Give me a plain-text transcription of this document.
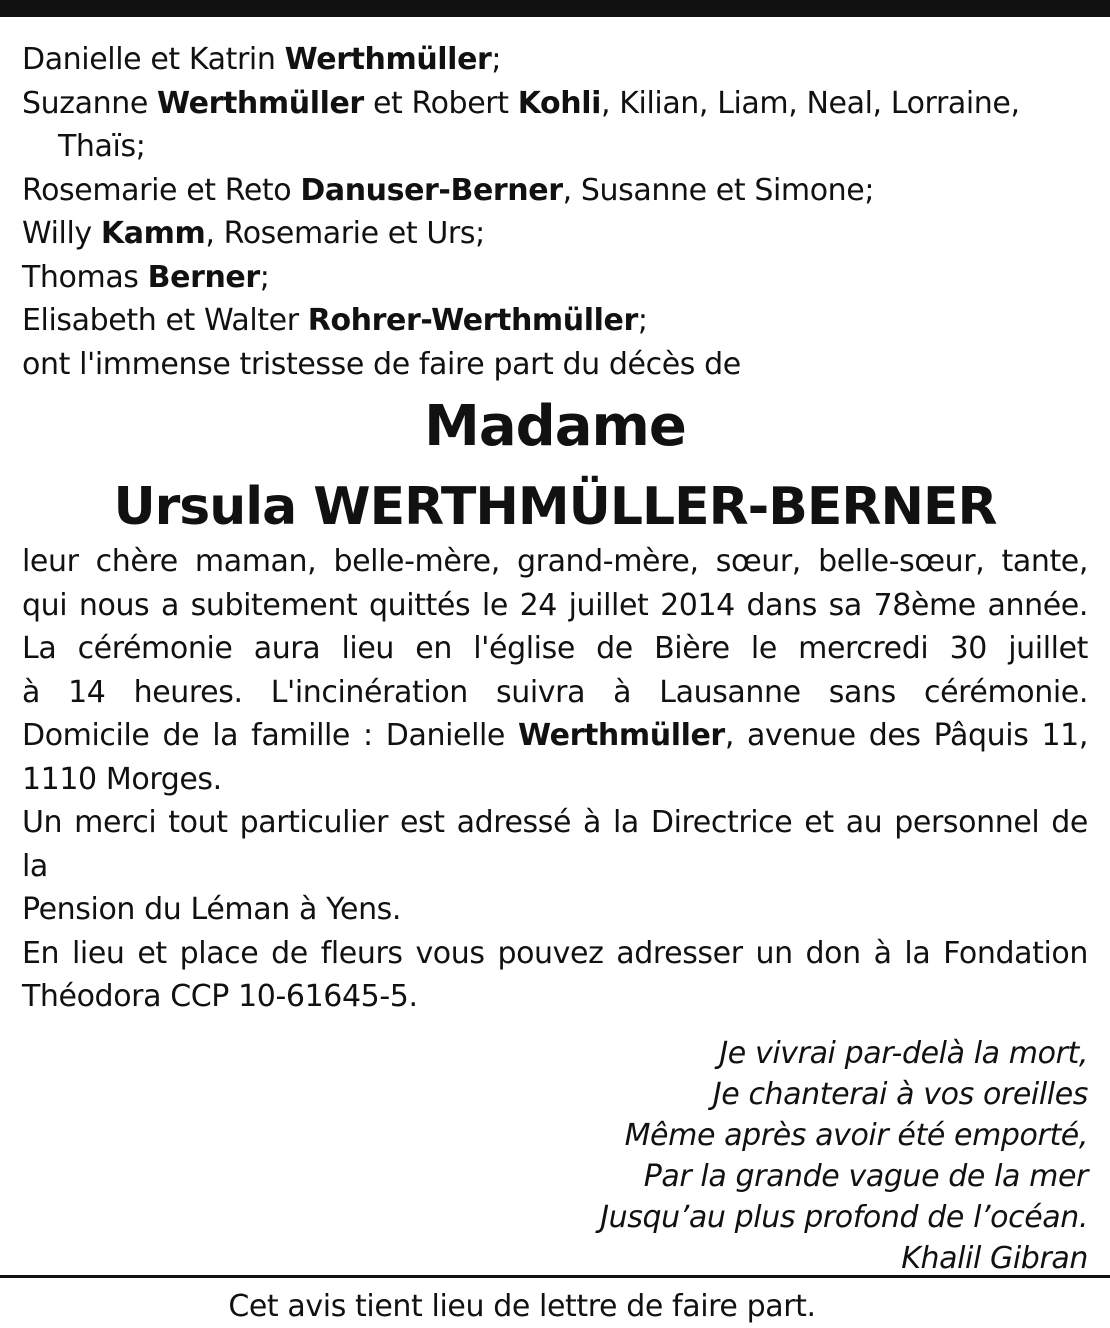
Danielle et Katrin Werthmüller;

Suzanne Werthmüller et Robert Kohli, Kilian, Liam, Neal, Lorraine,

Thaïs;

Rosemarie et Reto Danuser-Berner, Susanne et Simone;

Willy Kamm, Rosemarie et Urs;

Thomas Berner;

Elisabeth et Walter Rohrer-Werthmüller;

ont l'immense tristesse de faire part du décès de

Madame

Ursula WERTHMÜLLER-BERNER

leur chère maman, belle-mère, grand-mère, sœur, belle-sœur, tante,

qui nous a subitement quittés le 24 juillet 2014 dans sa 78ème année.

La cérémonie aura lieu en l'église de Bière le mercredi 30 juillet

à 14 heures. L'incinération suivra à Lausanne sans cérémonie.

Domicile de la famille : Danielle Werthmüller, avenue des Pâquis 11,

1110 Morges.

Un merci tout particulier est adressé à la Directrice et au personnel de la

Pension du Léman à Yens.

En lieu et place de fleurs vous pouvez adresser un don à la Fondation

Théodora CCP 10-61645-5.

Je vivrai par-delà la mort,

Je chanterai à vos oreilles

Même après avoir été emporté,

Par la grande vague de la mer

Jusqu’au plus profond de l’océan.

Khalil Gibran

Cet avis tient lieu de lettre de faire part.
